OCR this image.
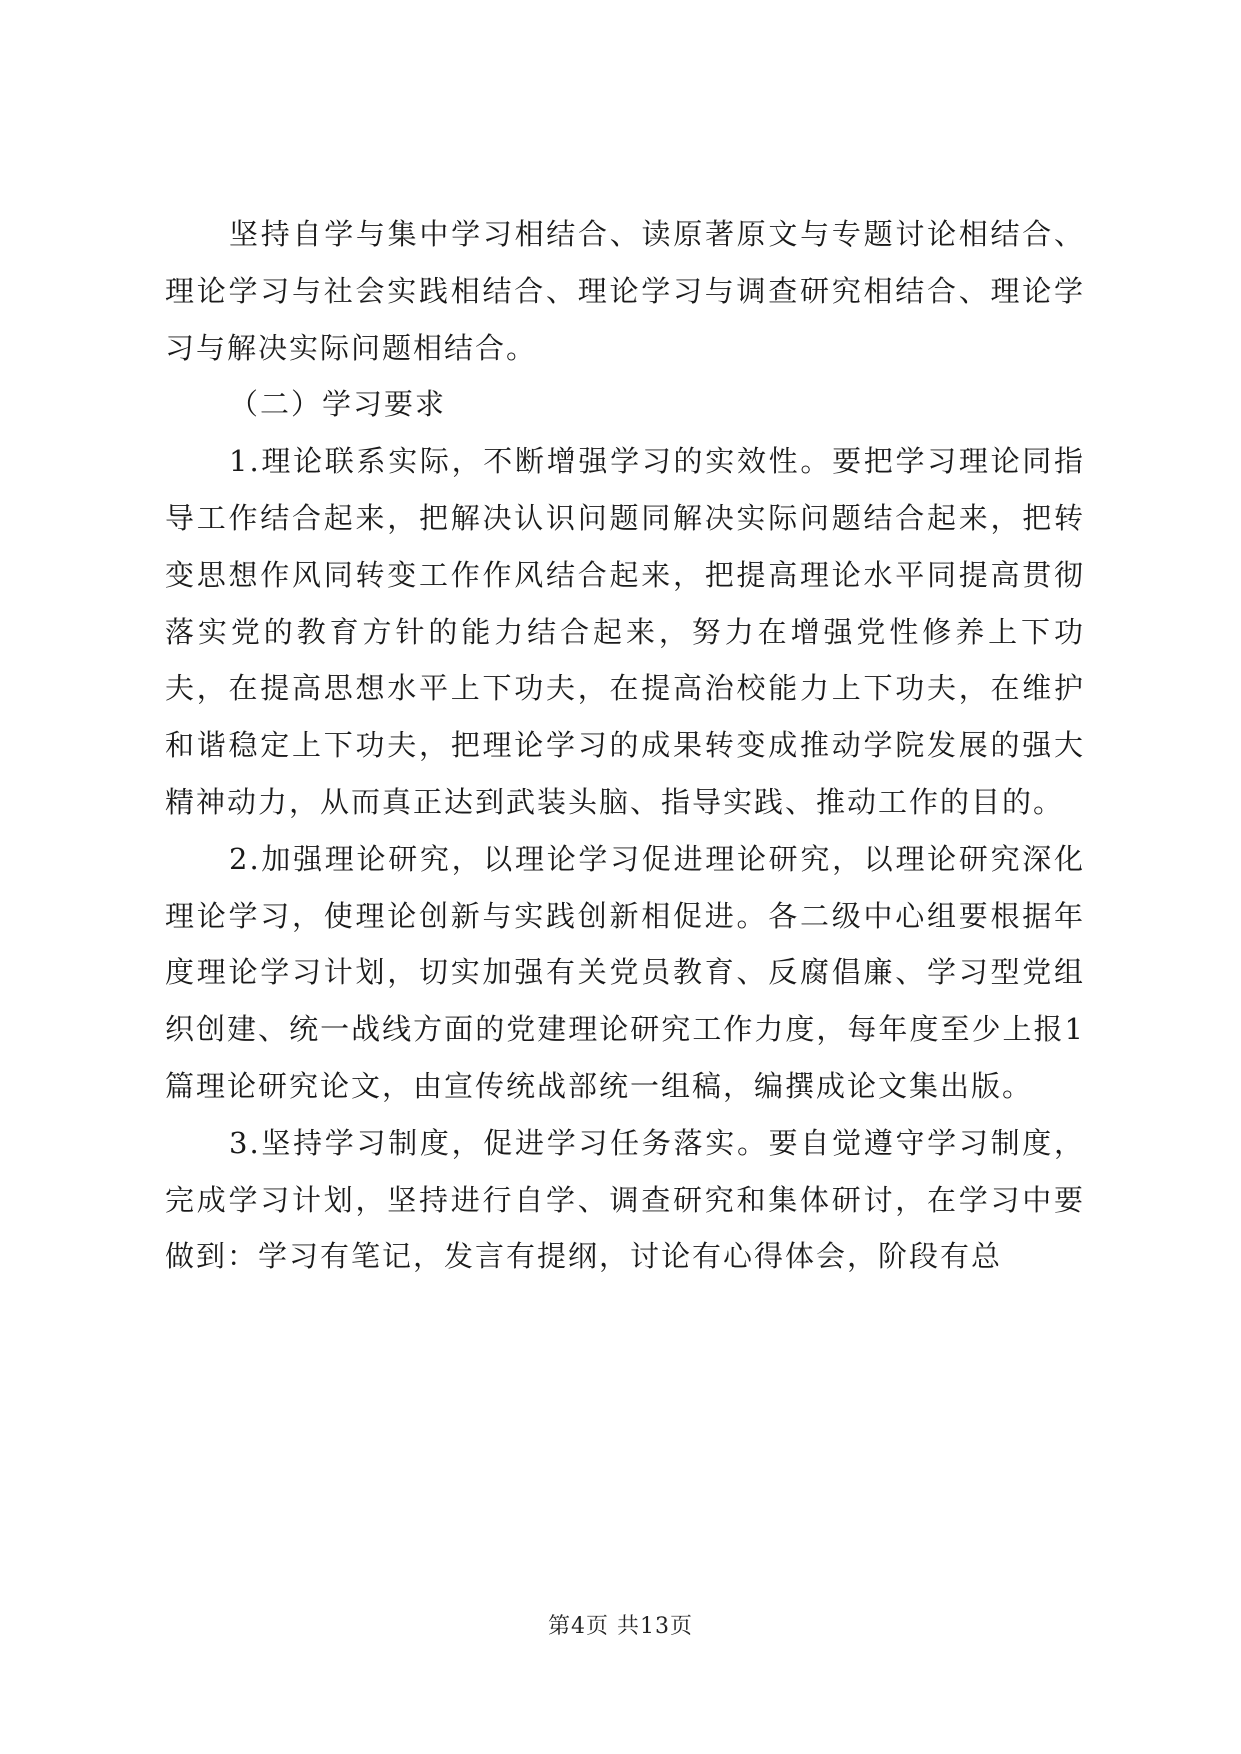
坚持自学与集中学习相结合、读原著原文与专题讨论相结合、理论学习与社会实践相结合、理论学习与调查研究相结合、理论学习与解决实际问题相结合。

（二）学习要求

1.理论联系实际，不断增强学习的实效性。要把学习理论同指导工作结合起来，把解决认识问题同解决实际问题结合起来，把转变思想作风同转变工作作风结合起来，把提高理论水平同提高贯彻落实党的教育方针的能力结合起来，努力在增强党性修养上下功夫，在提高思想水平上下功夫，在提高治校能力上下功夫，在维护和谐稳定上下功夫，把理论学习的成果转变成推动学院发展的强大精神动力，从而真正达到武装头脑、指导实践、推动工作的目的。

2.加强理论研究，以理论学习促进理论研究，以理论研究深化理论学习，使理论创新与实践创新相促进。各二级中心组要根据年度理论学习计划，切实加强有关党员教育、反腐倡廉、学习型党组织创建、统一战线方面的党建理论研究工作力度，每年度至少上报1篇理论研究论文，由宣传统战部统一组稿，编撰成论文集出版。

3.坚持学习制度，促进学习任务落实。要自觉遵守学习制度，完成学习计划，坚持进行自学、调查研究和集体研讨，在学习中要做到：学习有笔记，发言有提纲，讨论有心得体会，阶段有总

第4页 共13页
